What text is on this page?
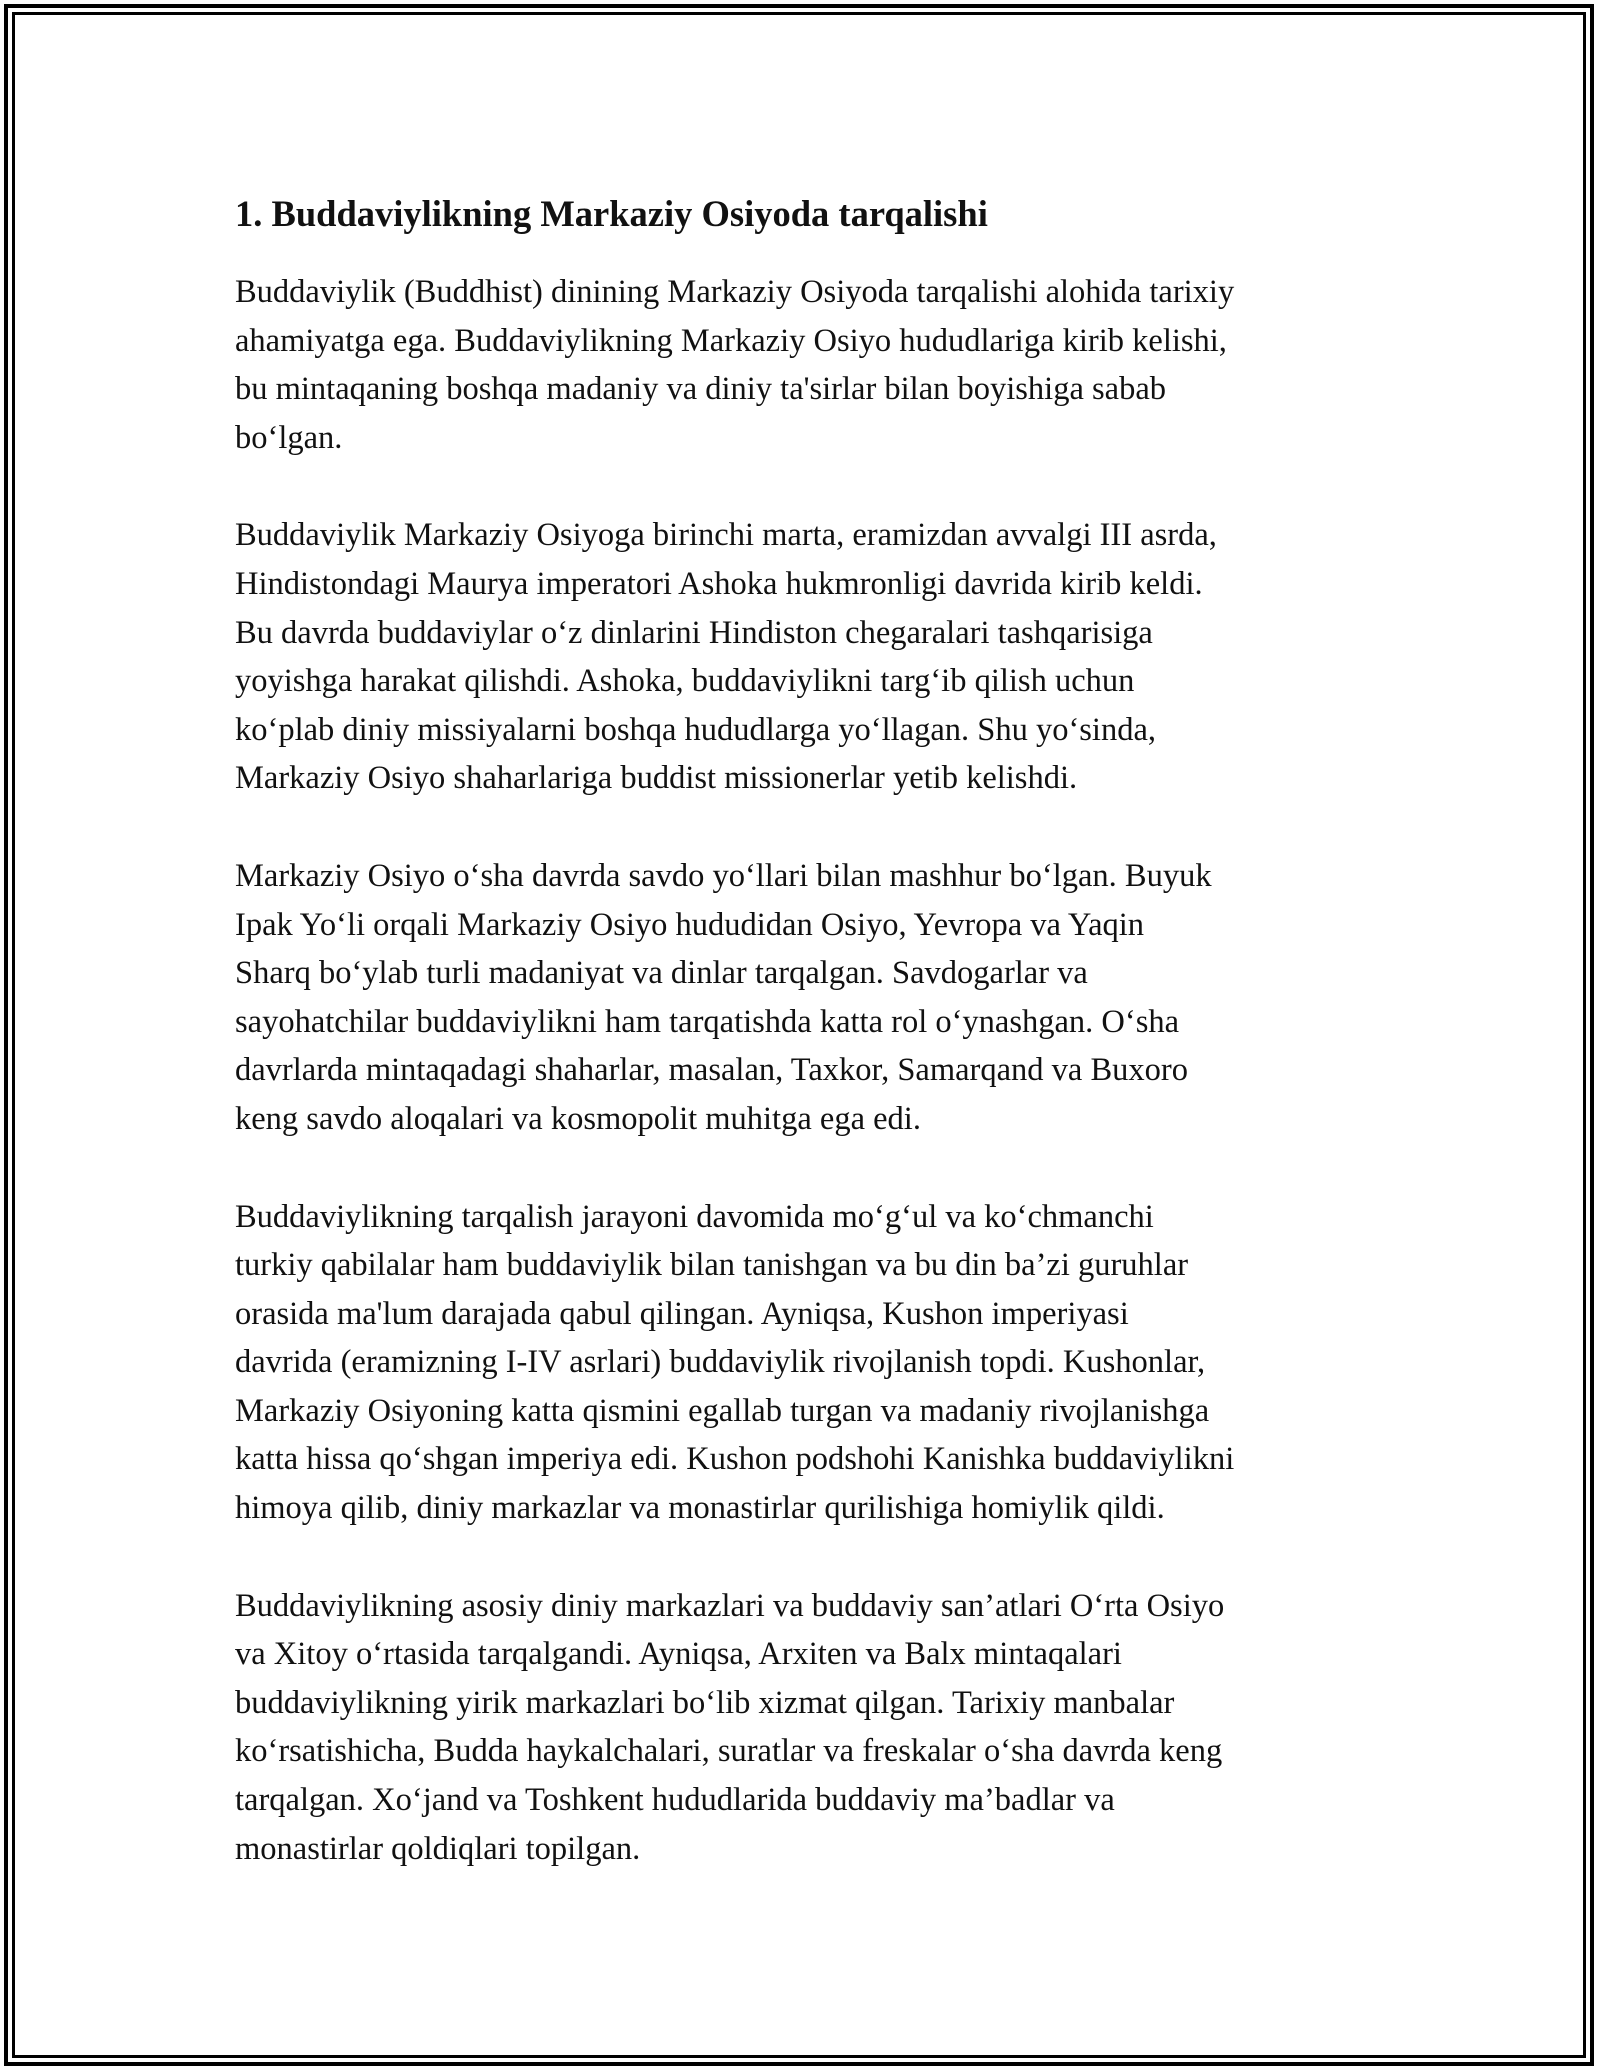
1. Buddaviylikning Markaziy Osiyoda tarqalishi

Buddaviylik (Buddhist) dinining Markaziy Osiyoda tarqalishi alohida tarixiy
ahamiyatga ega. Buddaviylikning Markaziy Osiyo hududlariga kirib kelishi,
bu mintaqaning boshqa madaniy va diniy ta'sirlar bilan boyishiga sabab
bo‘lgan.

Buddaviylik Markaziy Osiyoga birinchi marta, eramizdan avvalgi III asrda,
Hindistondagi Maurya imperatori Ashoka hukmronligi davrida kirib keldi.
Bu davrda buddaviylar o‘z dinlarini Hindiston chegaralari tashqarisiga
yoyishga harakat qilishdi. Ashoka, buddaviylikni targ‘ib qilish uchun
ko‘plab diniy missiyalarni boshqa hududlarga yo‘llagan. Shu yo‘sinda,
Markaziy Osiyo shaharlariga buddist missionerlar yetib kelishdi.

Markaziy Osiyo o‘sha davrda savdo yo‘llari bilan mashhur bo‘lgan. Buyuk
Ipak Yo‘li orqali Markaziy Osiyo hududidan Osiyo, Yevropa va Yaqin
Sharq bo‘ylab turli madaniyat va dinlar tarqalgan. Savdogarlar va
sayohatchilar buddaviylikni ham tarqatishda katta rol o‘ynashgan. O‘sha
davrlarda mintaqadagi shaharlar, masalan, Taxkor, Samarqand va Buxoro
keng savdo aloqalari va kosmopolit muhitga ega edi.

Buddaviylikning tarqalish jarayoni davomida mo‘g‘ul va ko‘chmanchi
turkiy qabilalar ham buddaviylik bilan tanishgan va bu din ba’zi guruhlar
orasida ma'lum darajada qabul qilingan. Ayniqsa, Kushon imperiyasi
davrida (eramizning I-IV asrlari) buddaviylik rivojlanish topdi. Kushonlar,
Markaziy Osiyoning katta qismini egallab turgan va madaniy rivojlanishga
katta hissa qo‘shgan imperiya edi. Kushon podshohi Kanishka buddaviylikni
himoya qilib, diniy markazlar va monastirlar qurilishiga homiylik qildi.

Buddaviylikning asosiy diniy markazlari va buddaviy san’atlari O‘rta Osiyo
va Xitoy o‘rtasida tarqalgandi. Ayniqsa, Arxiten va Balx mintaqalari
buddaviylikning yirik markazlari bo‘lib xizmat qilgan. Tarixiy manbalar
ko‘rsatishicha, Budda haykalchalari, suratlar va freskalar o‘sha davrda keng
tarqalgan. Xo‘jand va Toshkent hududlarida buddaviy ma’badlar va
monastirlar qoldiqlari topilgan.
